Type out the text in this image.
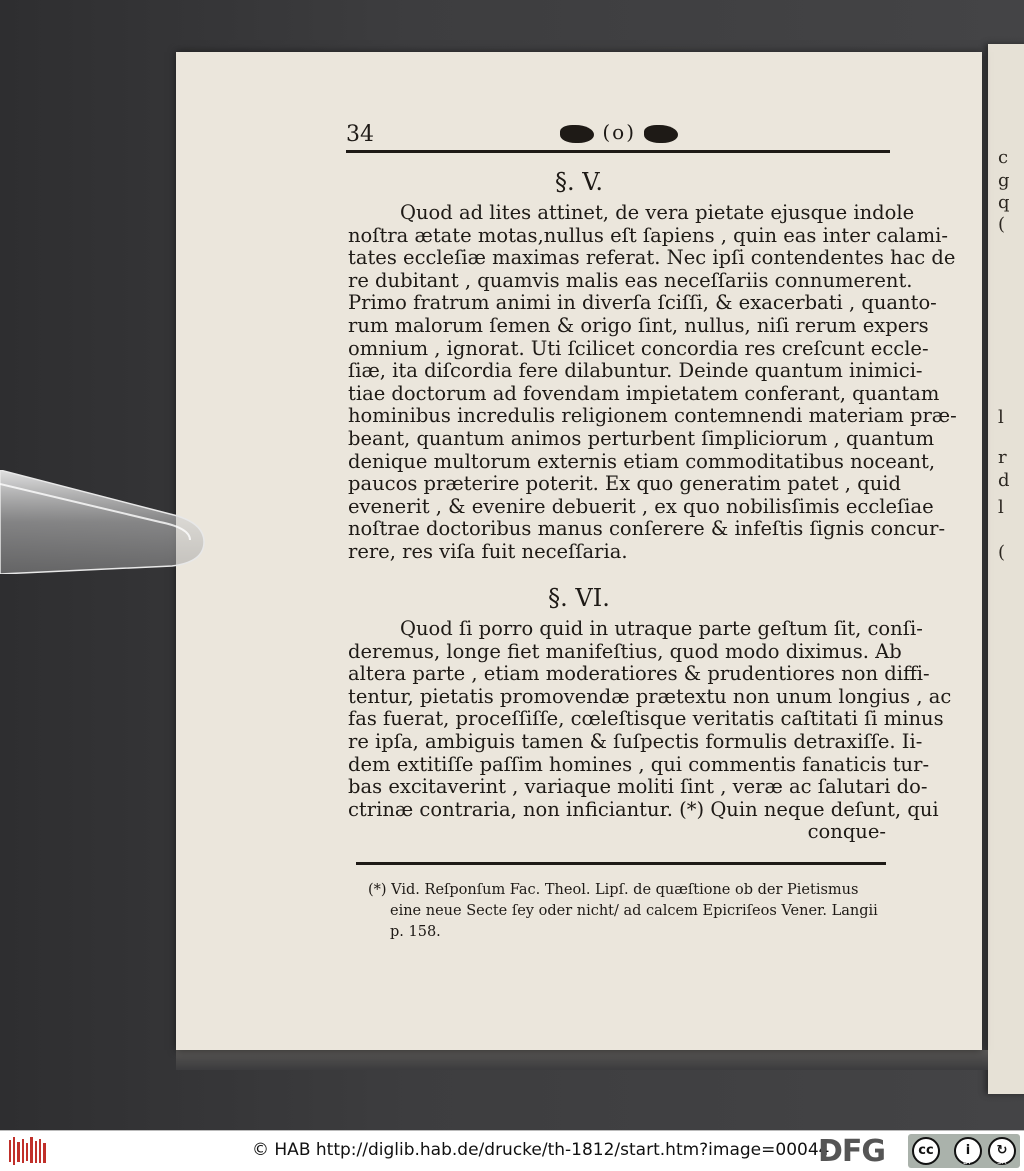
c
g
q
(
l
r
d
l
(

34	(o)
§. V.
Quod ad lites attinet, de vera pietate ejusque indole
noſtra ætate motas,nullus eſt ſapiens , quin eas inter calami-
tates eccleſiæ maximas referat. Nec ipſi contendentes hac de
re dubitant , quamvis malis eas neceſſariis connumerent.
Primo fratrum animi in diverſa ſciſſi, & exacerbati , quanto-
rum malorum ſemen & origo ſint, nullus, niſi rerum expers
omnium , ignorat. Uti ſcilicet concordia res creſcunt eccle-
ſiæ, ita diſcordia fere dilabuntur. Deinde quantum inimici-
tiae doctorum ad fovendam impietatem conferant, quantam
hominibus incredulis religionem contemnendi materiam præ-
beant, quantum animos perturbent ſimpliciorum , quantum
denique multorum externis etiam commoditatibus noceant,
paucos præterire poterit. Ex quo generatim patet , quid
evenerit , & evenire debuerit , ex quo nobilisſimis eccleſiae
noſtrae doctoribus manus conſerere & infeſtis ſignis concur-
rere, res viſa fuit neceſſaria.
§. VI.
Quod ſi porro quid in utraque parte geſtum ſit, conſi-
deremus, longe fiet manifeſtius, quod modo diximus. Ab
altera parte , etiam moderatiores & prudentiores non diffi-
tentur, pietatis promovendæ prætextu non unum longius , ac
fas fuerat, proceſſiſſe, cœleſtisque veritatis caſtitati ſi minus
re ipſa, ambiguis tamen & ſuſpectis formulis detraxiſſe. Ii-
dem extitiſſe paſſim homines , qui commentis fanaticis tur-
bas excitaverint , variaque moliti ſint , veræ ac ſalutari do-
ctrinæ contraria, non inficiantur. (*) Quin neque deſunt, qui
conque-
(*) Vid. Reſponſum Fac. Theol. Lipſ. de quæſtione ob der Pietismus
eine neue Secte ſey oder nicht/ ad calcem Epicriſeos Vener. Langii
p. 158.
© HAB http://diglib.hab.de/drucke/th-1812/start.htm?image=00044
DFG	cc	i	↻
BY	SA
